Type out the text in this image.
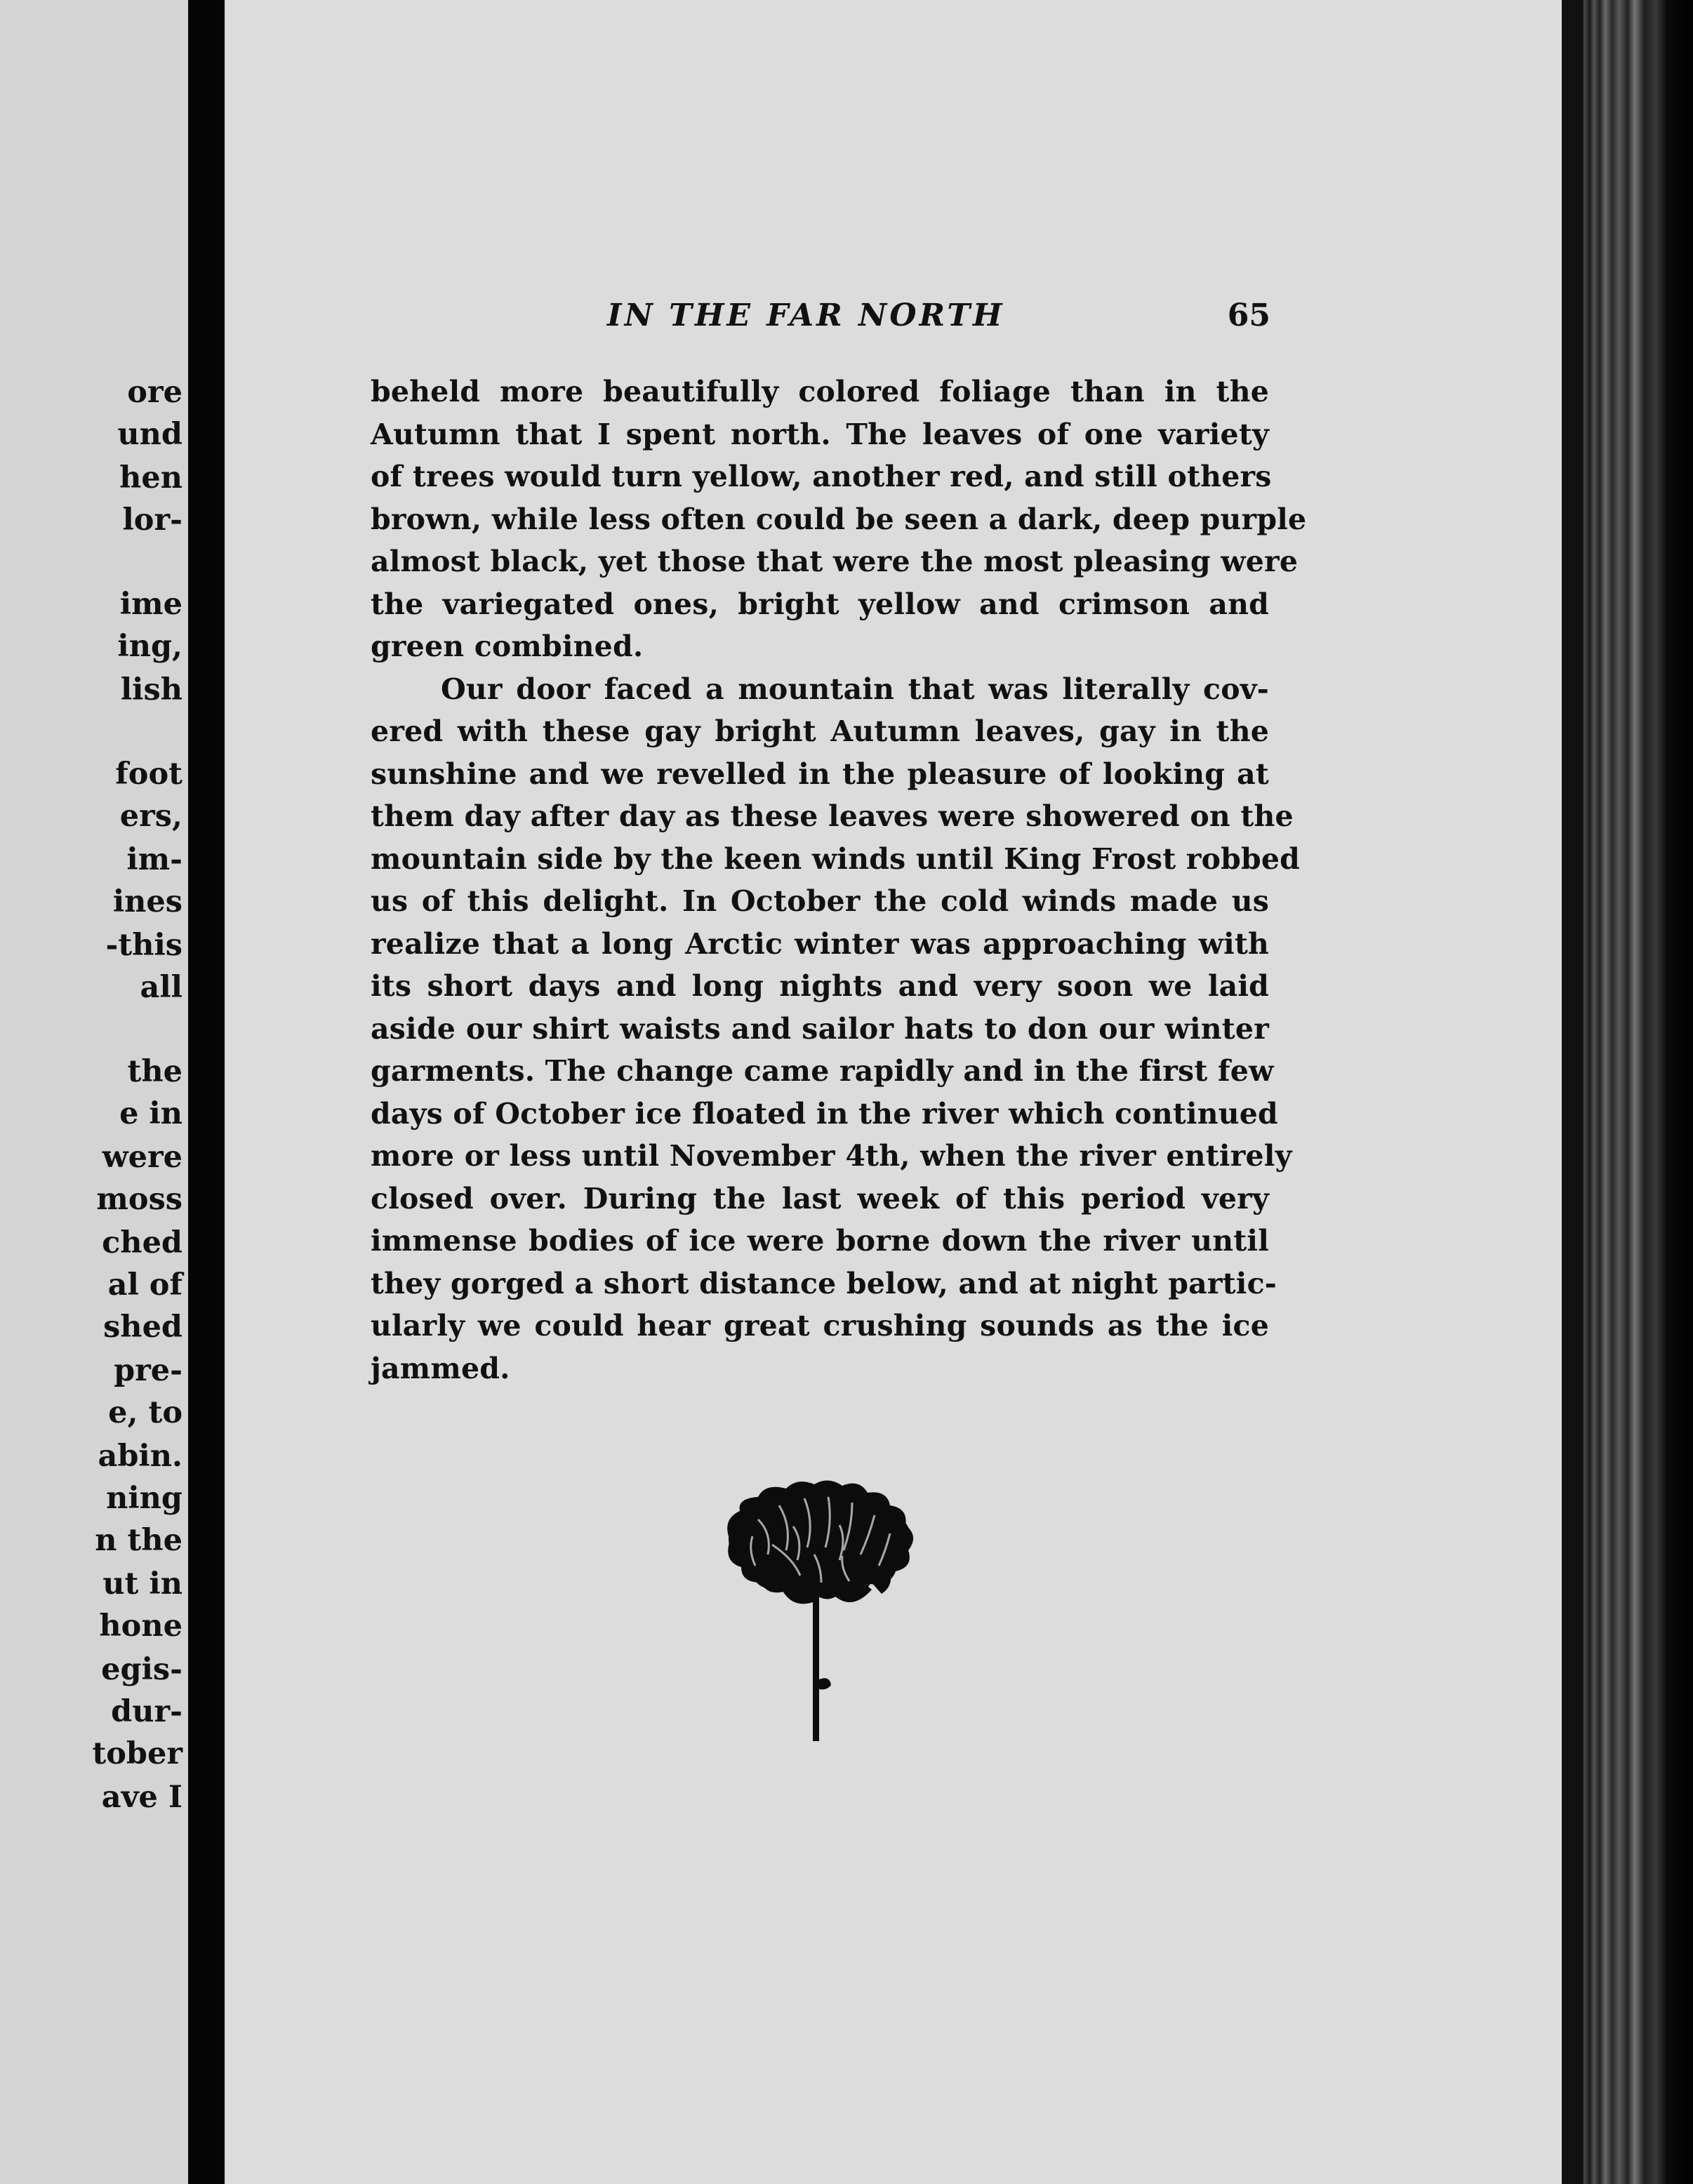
ore
und
hen
lor-
ime
ing,
lish
foot
ers,
im-
ines
-this
all
the
e in
were
moss
ched
al of
shed
pre-
e, to
abin.
ning
n the
ut in
hone
egis-
dur-
tober
ave I
IN THE FAR NORTH	65
beheld more beautifully colored foliage than in the
Autumn that I spent north. The leaves of one variety
of trees would turn yellow, another red, and still others
brown, while less often could be seen a dark, deep purple
almost black, yet those that were the most pleasing were
the variegated ones, bright yellow and crimson and
green combined.
Our door faced a mountain that was literally cov-
ered with these gay bright Autumn leaves, gay in the
sunshine and we revelled in the pleasure of looking at
them day after day as these leaves were showered on the
mountain side by the keen winds until King Frost robbed
us of this delight. In October the cold winds made us
realize that a long Arctic winter was approaching with
its short days and long nights and very soon we laid
aside our shirt waists and sailor hats to don our winter
garments. The change came rapidly and in the first few
days of October ice floated in the river which continued
more or less until November 4th, when the river entirely
closed over. During the last week of this period very
immense bodies of ice were borne down the river until
they gorged a short distance below, and at night partic-
ularly we could hear great crushing sounds as the ice
jammed.
